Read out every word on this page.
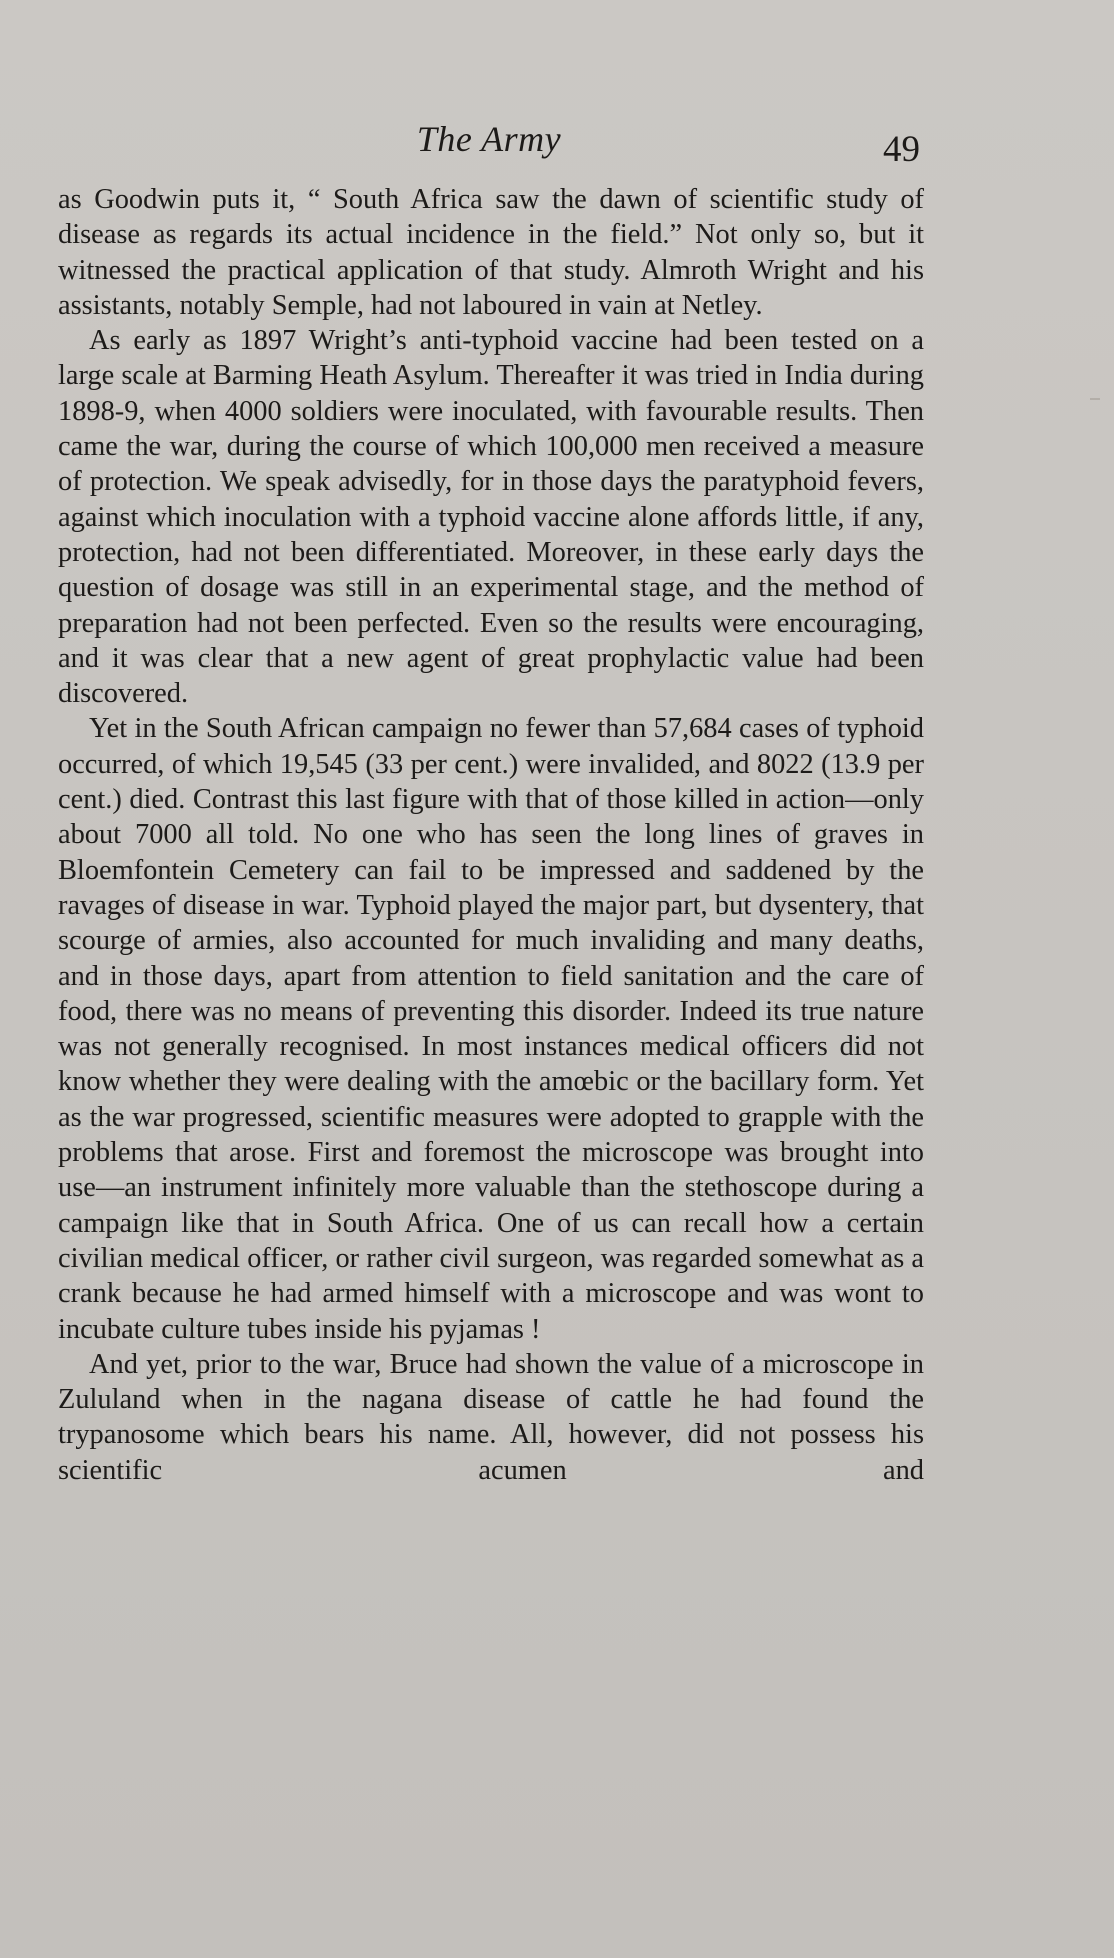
The Army	49

as Goodwin puts it, “ South Africa saw the dawn of scientific study of disease as regards its actual incidence in the field.” Not only so, but it witnessed the practical application of that study. Almroth Wright and his assistants, notably Semple, had not laboured in vain at Netley.

As early as 1897 Wright’s anti-typhoid vaccine had been tested on a large scale at Barming Heath Asylum. Thereafter it was tried in India during 1898-9, when 4000 soldiers were inoculated, with favourable results. Then came the war, during the course of which 100,000 men received a measure of protection. We speak advisedly, for in those days the paratyphoid fevers, against which inoculation with a typhoid vaccine alone affords little, if any, protection, had not been differentiated. Moreover, in these early days the question of dosage was still in an experimental stage, and the method of preparation had not been perfected. Even so the results were encouraging, and it was clear that a new agent of great prophylactic value had been discovered.

Yet in the South African campaign no fewer than 57,684 cases of typhoid occurred, of which 19,545 (33 per cent.) were invalided, and 8022 (13.9 per cent.) died. Contrast this last figure with that of those killed in action—only about 7000 all told. No one who has seen the long lines of graves in Bloemfontein Cemetery can fail to be impressed and saddened by the ravages of disease in war. Typhoid played the major part, but dysentery, that scourge of armies, also accounted for much invaliding and many deaths, and in those days, apart from attention to field sanitation and the care of food, there was no means of preventing this disorder. Indeed its true nature was not generally recognised. In most instances medical officers did not know whether they were dealing with the amœbic or the bacillary form. Yet as the war progressed, scientific measures were adopted to grapple with the problems that arose. First and foremost the microscope was brought into use—an instrument infinitely more valuable than the stethoscope during a campaign like that in South Africa. One of us can recall how a certain civilian medical officer, or rather civil surgeon, was regarded somewhat as a crank because he had armed himself with a microscope and was wont to incubate culture tubes inside his pyjamas !

And yet, prior to the war, Bruce had shown the value of a microscope in Zululand when in the nagana disease of cattle he had found the trypanosome which bears his name. All, however, did not possess his scientific acumen and
